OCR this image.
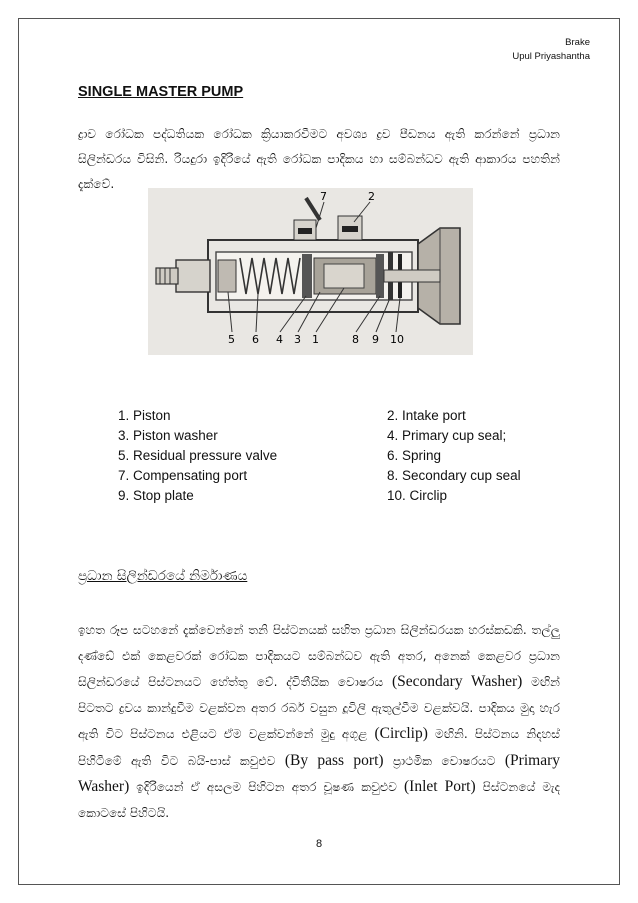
Brake
Upul Priyashantha
SINGLE MASTER PUMP
ද්‍රාව රෝධක පද්ධතියක රෝධක ක්‍රියාකරවීමට අවශ්‍ය ද්‍රව පීඩනය ඇති කරන්නේ ප්‍රධාන සිලින්ඩරය විසිනි. රියදුරා ඉදිරියේ ඇති රෝධක පාදිකය හා සම්බන්ධව ඇති ආකාරය පහතින් දැක්වේ.
7	2
5 6 4 3 1	8 9 10
1. Piston	2. Intake port
3. Piston washer	4. Primary cup seal;
5. Residual pressure valve	6. Spring
7. Compensating port	8. Secondary cup seal
9. Stop plate	10. Circlip
ප්‍රධාන සිලින්ඩරයේ නිර්මාණය
ඉහත රූප සටහනේ දැක්වෙන්නේ තනි පිස්ටනයක් සහිත ප්‍රධාන සිලින්ඩරයක හරස්කඩකි. තල්ලු දණ්ඩේ එක් කෙළවරක් රෝධක පාදිකයට සම්බන්ධව ඇති අතර, අනෙක් කෙළවර ප්‍රධාන සිලින්ඩරයේ පිස්ටනයට හේත්තු වේ. ද්විතීයික වොෂරය (Secondary Washer) මඟින් පිටතට ද්‍රවය කාන්දුවීම වළක්වන අතර රබර් වසුන දූවිලි ඇතුල්වීම වළක්වයි. පාදිකය මුදා හැර ඇති විට පිස්ටනය එළියට ඒම වළක්වන්නේ මුදු අගුළ (Circlip) මඟිනි. පිස්ටනය නිදහස් පිහිටීමේ ඇති විට බයි-පාස් කවුළුව (By pass port) ප්‍රාථමික වොෂරයට (Primary Washer) ඉදිරියෙන් ඒ අසලම පිහිටන අතර චූෂණ කවුළුව (Inlet Port) පිස්ටනයේ මැද කොටසේ පිහිටයි.
8
